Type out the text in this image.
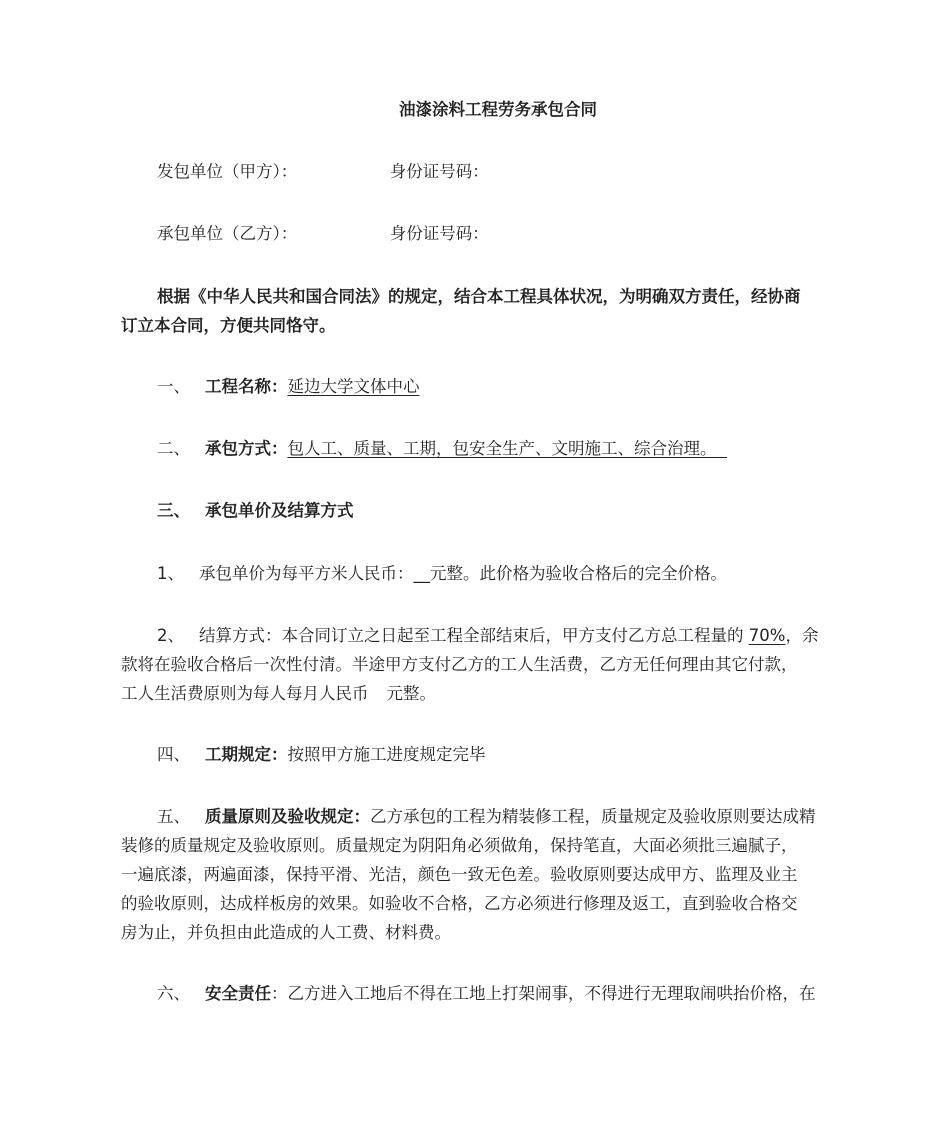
油漆涂料工程劳务承包合同
发包单位（甲方）：	身份证号码：
承包单位（乙方）：	身份证号码：
根据《中华人民共和国合同法》的规定，结合本工程具体状况，为明确双方责任，经协商
订立本合同，方便共同恪守。
一、 工程名称：延边大学文体中心
二、 承包方式：包人工、质量、工期，包安全生产、文明施工、综合治理。
三、 承包单价及结算方式
1、 承包单价为每平方米人民币：__元整。此价格为验收合格后的完全价格。
2、 结算方式：本合同订立之日起至工程全部结束后，甲方支付乙方总工程量的 70%，余
款将在验收合格后一次性付清。半途甲方支付乙方的工人生活费，乙方无任何理由其它付款，
工人生活费原则为每人每月人民币 元整。
四、 工期规定：按照甲方施工进度规定完毕
五、 质量原则及验收规定：乙方承包的工程为精装修工程，质量规定及验收原则要达成精
装修的质量规定及验收原则。质量规定为阴阳角必须做角，保持笔直，大面必须批三遍腻子，
一遍底漆，两遍面漆，保持平滑、光洁，颜色一致无色差。验收原则要达成甲方、监理及业主
的验收原则，达成样板房的效果。如验收不合格，乙方必须进行修理及返工，直到验收合格交
房为止，并负担由此造成的人工费、材料费。
六、 安全责任：乙方进入工地后不得在工地上打架闹事，不得进行无理取闹哄抬价格，在
